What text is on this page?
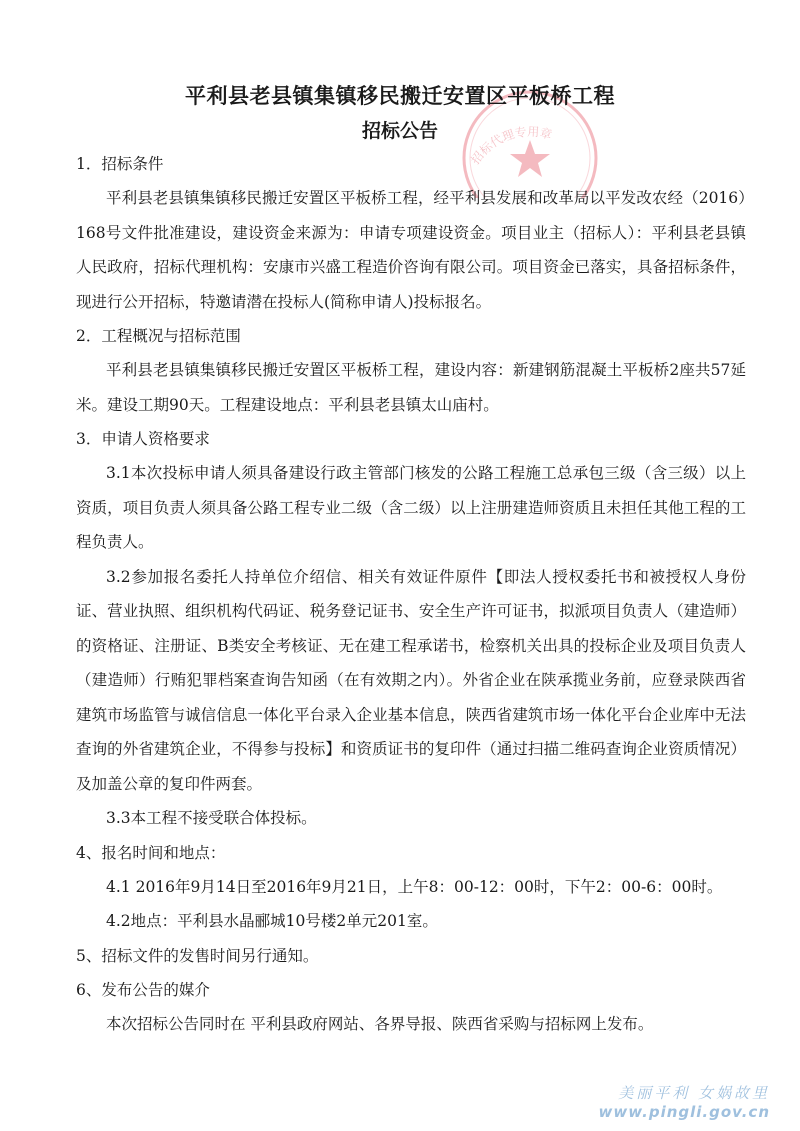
招标代理专用章
平利县老县镇集镇移民搬迁安置区平板桥工程
招标公告
1．招标条件
平利县老县镇集镇移民搬迁安置区平板桥工程，经平利县发展和改革局以平发改农经（2016）168号文件批准建设，建设资金来源为：申请专项建设资金。项目业主（招标人）：平利县老县镇人民政府，招标代理机构：安康市兴盛工程造价咨询有限公司。项目资金已落实，具备招标条件，现进行公开招标，特邀请潜在投标人(简称申请人)投标报名。
2．工程概况与招标范围
平利县老县镇集镇移民搬迁安置区平板桥工程，建设内容：新建钢筋混凝土平板桥2座共57延米。建设工期90天。工程建设地点：平利县老县镇太山庙村。
3．申请人资格要求
3.1本次投标申请人须具备建设行政主管部门核发的公路工程施工总承包三级（含三级）以上资质，项目负责人须具备公路工程专业二级（含二级）以上注册建造师资质且未担任其他工程的工程负责人。
3.2参加报名委托人持单位介绍信、相关有效证件原件【即法人授权委托书和被授权人身份证、营业执照、组织机构代码证、税务登记证书、安全生产许可证书，拟派项目负责人（建造师）的资格证、注册证、B类安全考核证、无在建工程承诺书，检察机关出具的投标企业及项目负责人（建造师）行贿犯罪档案查询告知函（在有效期之内）。外省企业在陕承揽业务前，应登录陕西省建筑市场监管与诚信信息一体化平台录入企业基本信息，陕西省建筑市场一体化平台企业库中无法查询的外省建筑企业，不得参与投标】和资质证书的复印件（通过扫描二维码查询企业资质情况）及加盖公章的复印件两套。
3.3本工程不接受联合体投标。
4、报名时间和地点：
4.1 2016年9月14日至2016年9月21日，上午8：00-12：00时，下午2：00-6：00时。
4.2地点：平利县水晶郦城10号楼2单元201室。
5、招标文件的发售时间另行通知。
6、发布公告的媒介
本次招标公告同时在 平利县政府网站、各界导报、陕西省采购与招标网上发布。
美丽平利 女娲故里
www.pingli.gov.cn
